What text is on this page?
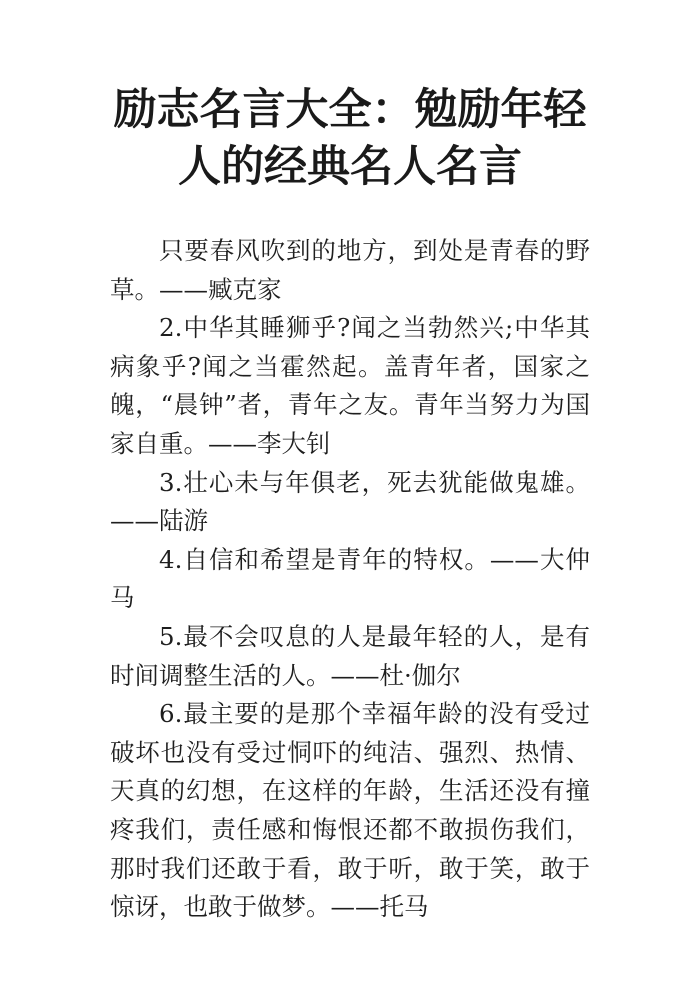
励志名言大全：勉励年轻
人的经典名人名言

只要春风吹到的地方，到处是青春的野草。——臧克家

2.中华其睡狮乎?闻之当勃然兴;中华其病象乎?闻之当霍然起。盖青年者，国家之魄，“晨钟”者，青年之友。青年当努力为国家自重。——李大钊

3.壮心未与年俱老，死去犹能做鬼雄。——陆游

4.自信和希望是青年的特权。——大仲马

5.最不会叹息的人是最年轻的人，是有时间调整生活的人。——杜·伽尔

6.最主要的是那个幸福年龄的没有受过破坏也没有受过恫吓的纯洁、强烈、热情、天真的幻想，在这样的年龄，生活还没有撞疼我们，责任感和悔恨还都不敢损伤我们，那时我们还敢于看，敢于听，敢于笑，敢于惊讶，也敢于做梦。——托马
